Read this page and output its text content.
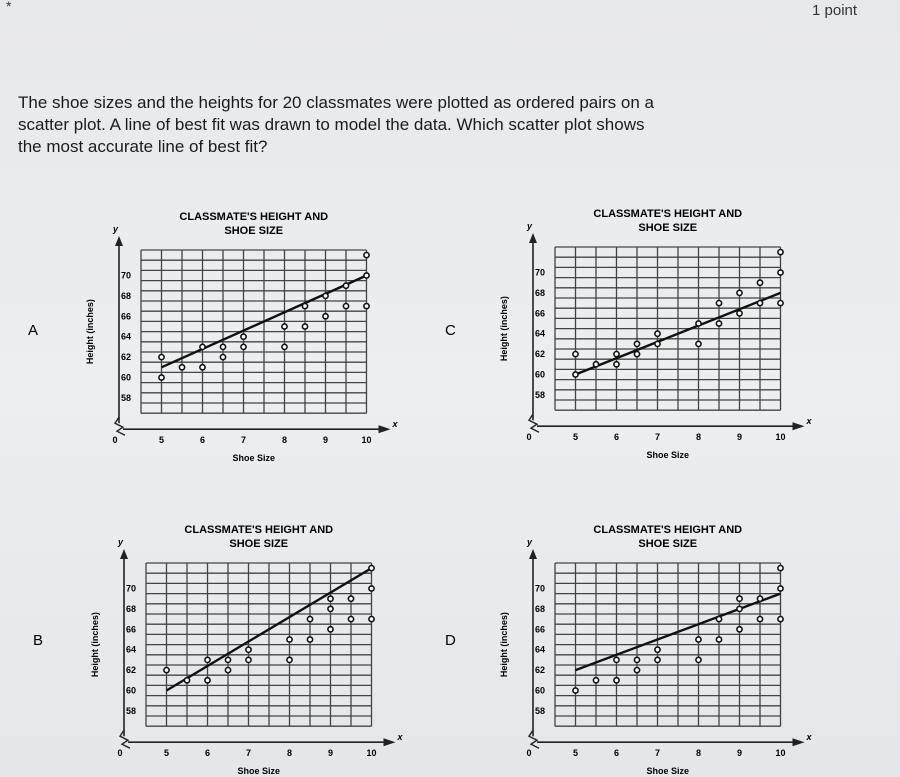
*	1 point

The shoe sizes and the heights for 20 classmates were plotted as ordered pairs on a

scatter plot. A line of best fit was drawn to model the data. Which scatter plot shows

the most accurate line of best fit?

CLASSMATE'S HEIGHT AND
SHOE SIZE
y
x
58
60
62
64
66
68
70
5	6	7	8	9	10
0
Shoe Size
Height (inches)
A
CLASSMATE'S HEIGHT AND
SHOE SIZE
y
x
58
60
62
64
66
68
70
5	6	7	8	9	10
0
Shoe Size
Height (inches)
C
CLASSMATE'S HEIGHT AND
SHOE SIZE
y
x
58
60
62
64
66
68
70
5	6	7	8	9	10
0
Shoe Size
Height (inches)
B
CLASSMATE'S HEIGHT AND
SHOE SIZE
y
x
58
60
62
64
66
68
70
5	6	7	8	9	10
0
Shoe Size
Height (inches)
D
